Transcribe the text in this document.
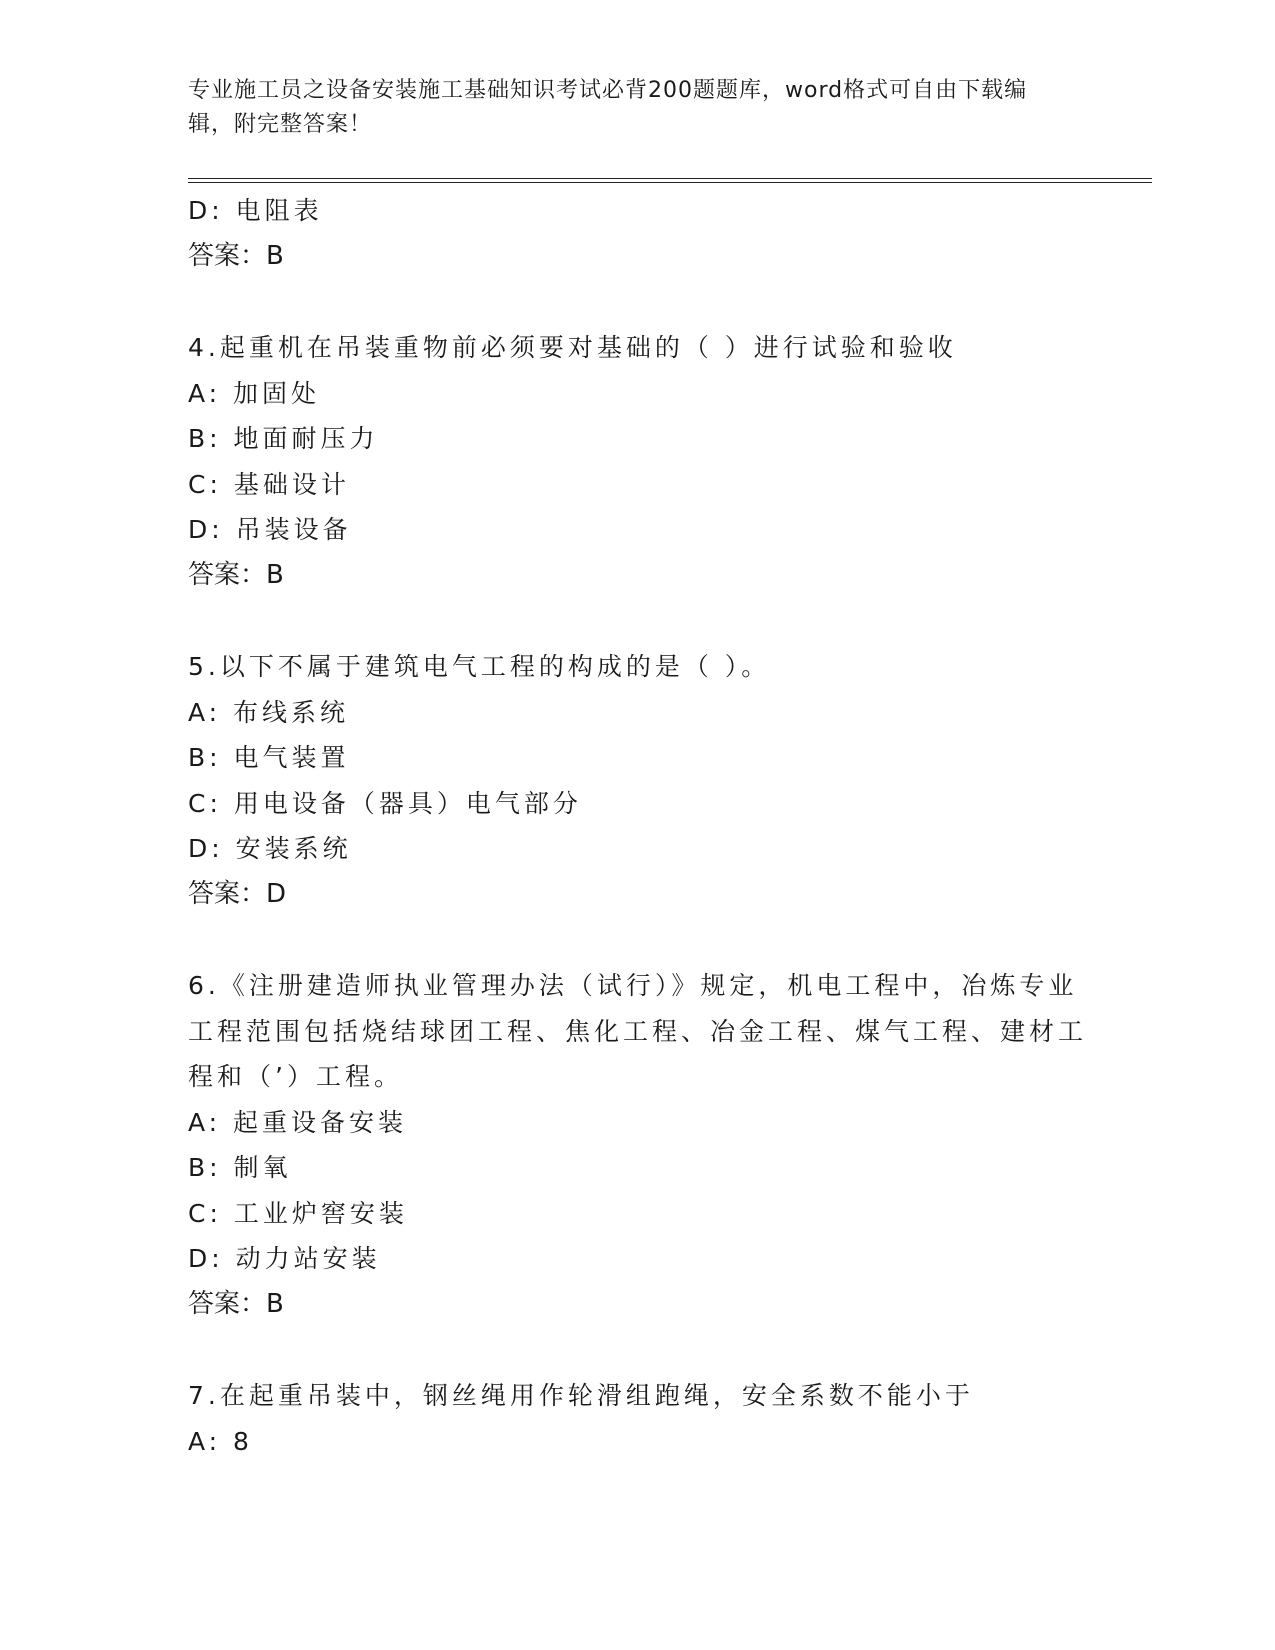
专业施工员之设备安装施工基础知识考试必背200题题库，word格式可自由下载编辑，附完整答案！
D: 电阻表
答案：B
4.起重机在吊装重物前必须要对基础的（ ）进行试验和验收
A: 加固处
B: 地面耐压力
C: 基础设计
D: 吊装设备
答案：B
5.以下不属于建筑电气工程的构成的是（ ）。
A: 布线系统
B: 电气装置
C: 用电设备（器具）电气部分
D: 安装系统
答案：D
6.《注册建造师执业管理办法（试行）》规定，机电工程中，冶炼专业工程范围包括烧结球团工程、焦化工程、冶金工程、煤气工程、建材工程和（’）工程。
A: 起重设备安装
B: 制氧
C: 工业炉窖安装
D: 动力站安装
答案：B
7.在起重吊装中，钢丝绳用作轮滑组跑绳，安全系数不能小于
A: 8
